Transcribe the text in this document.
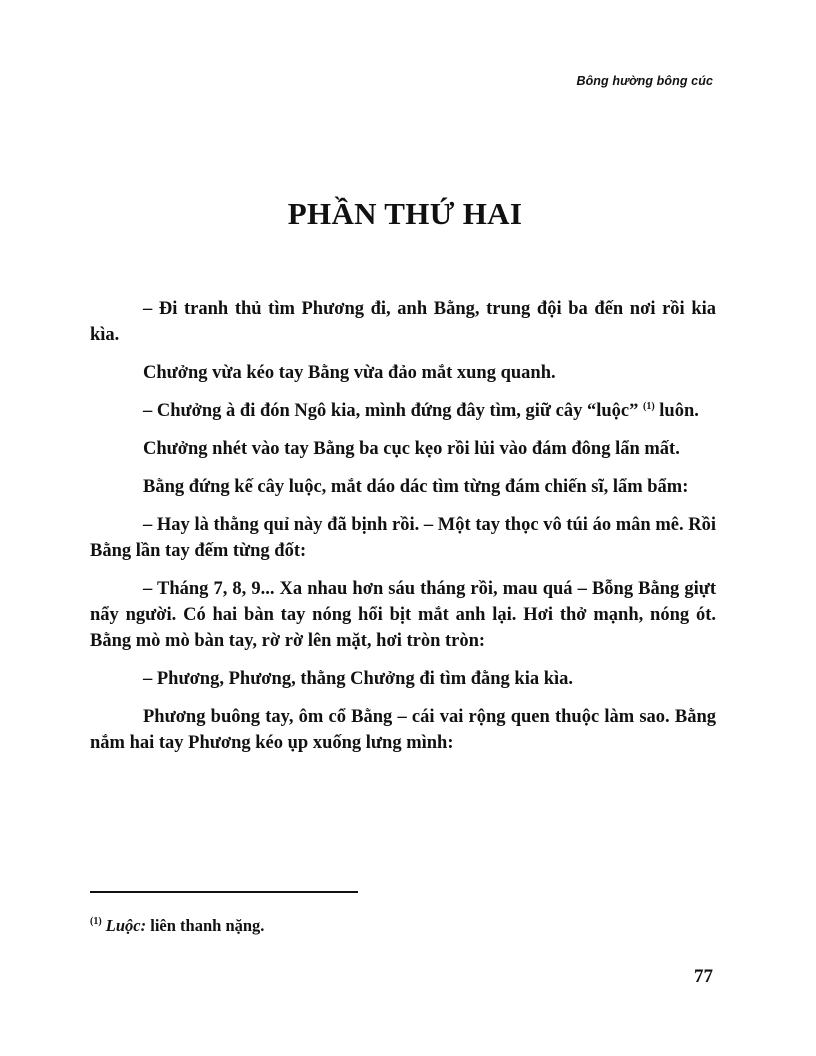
Bông hường bông cúc
PHẦN THỨ HAI

– Đi tranh thủ tìm Phương đi, anh Bằng, trung đội ba đến nơi rồi kia kìa.

Chưởng vừa kéo tay Bằng vừa đảo mắt xung quanh.

– Chưởng à đi đón Ngô kia, mình đứng đây tìm, giữ cây “luộc” $^{(1)}$ luôn.

Chưởng nhét vào tay Bằng ba cục kẹo rồi lủi vào đám đông lẩn mất.

Bằng đứng kế cây luộc, mắt dáo dác tìm từng đám chiến sĩ, lẩm bẩm:

– Hay là thằng quỉ này đã bịnh rồi. – Một tay thọc vô túi áo mân mê. Rồi Bằng lần tay đếm từng đốt:

– Tháng 7, 8, 9... Xa nhau hơn sáu tháng rồi, mau quá – Bỗng Bằng giựt nẩy người. Có hai bàn tay nóng hổi bịt mắt anh lại. Hơi thở mạnh, nóng ót. Bằng mò mò bàn tay, rờ rờ lên mặt, hơi tròn tròn:

– Phương, Phương, thằng Chưởng đi tìm đằng kia kìa.

Phương buông tay, ôm cổ Bằng – cái vai rộng quen thuộc làm sao. Bằng nắm hai tay Phương kéo ụp xuống lưng mình:

$^{(1)}$ Luộc: liên thanh nặng.
77
